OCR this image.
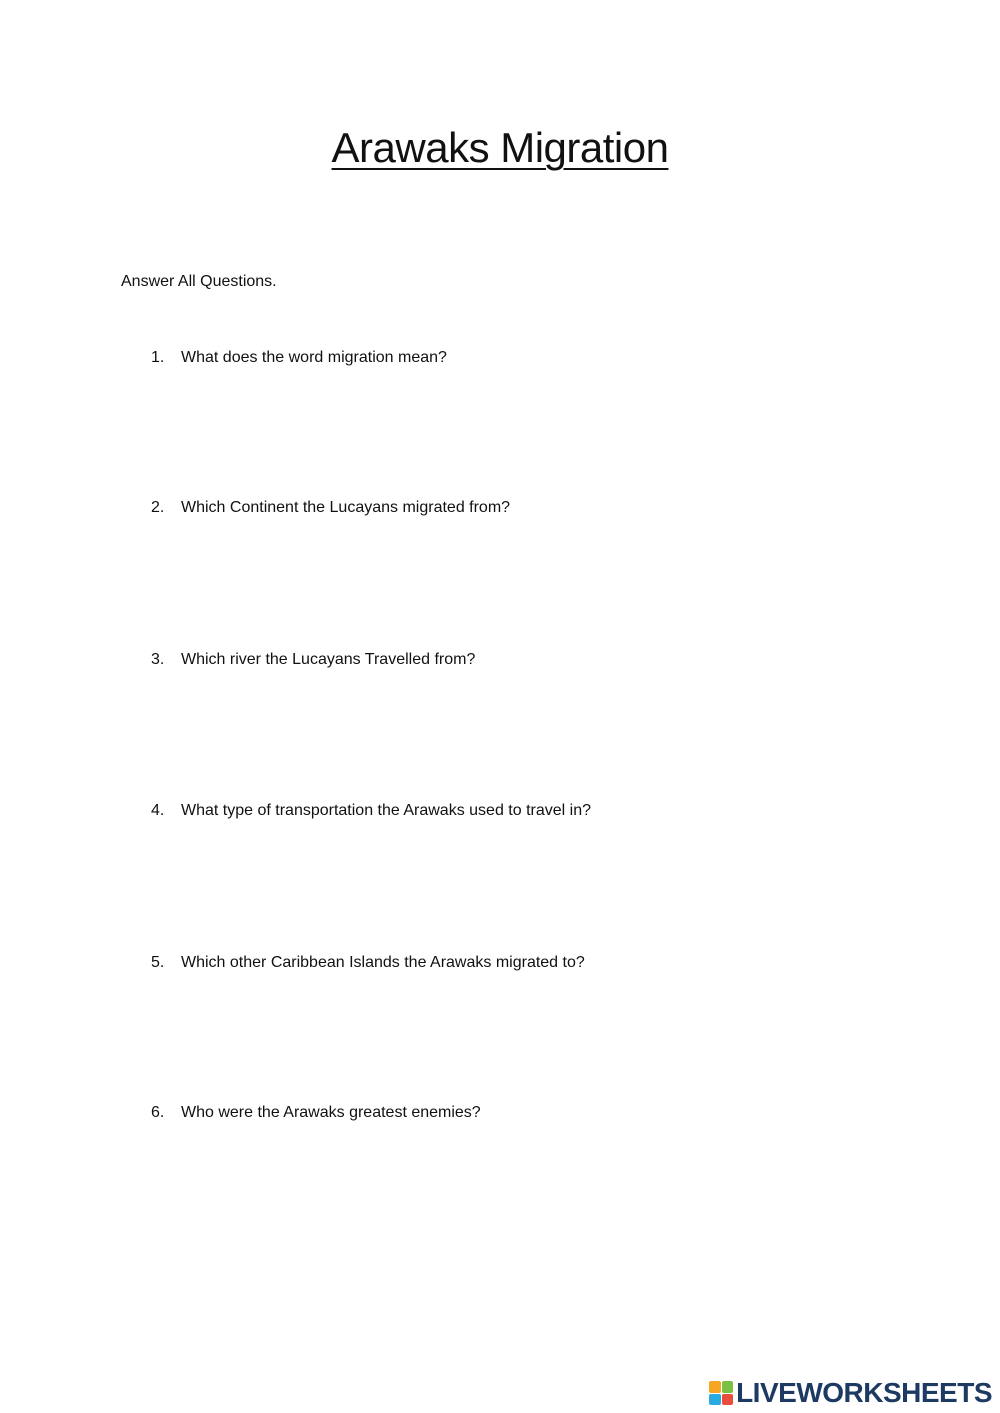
Arawaks Migration

Answer All Questions.

1. What does the word migration mean?

2. Which Continent the Lucayans migrated from?

3. Which river the Lucayans Travelled from?

4. What type of transportation the Arawaks used to travel in?

5. Which other Caribbean Islands the Arawaks migrated to?

6. Who were the Arawaks greatest enemies?

LIVEWORKSHEETS
